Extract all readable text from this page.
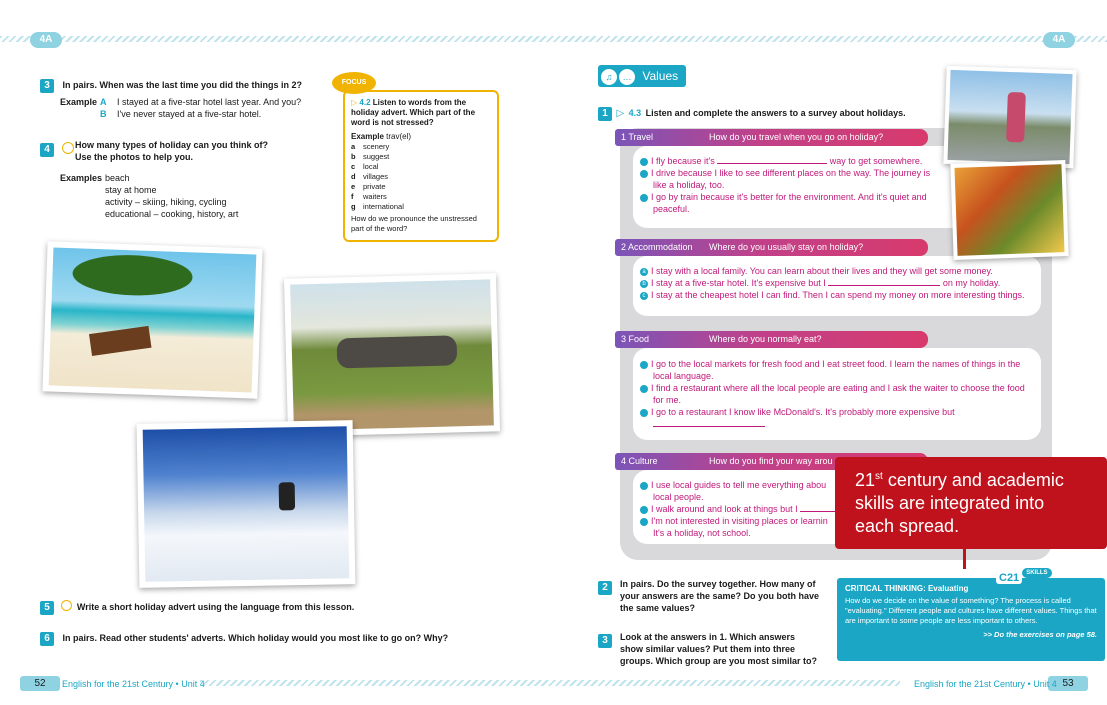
4A	4A
52	English for the 21st Century • Unit 4	53
English for the 21st Century • Unit 4
3 In pairs. When was the last time you did the things in 2?
Example A I stayed at a five-star hotel last year. And you?
B I've never stayed at a five-star hotel.
4	How many types of holiday can you think of?
Use the photos to help you.
Examples beach
stay at home
activity – skiing, hiking, cycling
educational – cooking, history, art
▷ 4.2 Listen to words from the holiday advert. Which part of the word is not stressed?
Example trav(el)
a scenery
b suggest
c local
d villages
e private
f waiters
g international
How do we pronounce the unstressed part of the word?
FOCUS
5	Write a short holiday advert using the language from this lesson.
6 In pairs. Read other students' adverts. Which holiday would you most like to go on? Why?
♫ … Values
1 ▷ 4.3 Listen and complete the answers to a survey about holidays.
1 Travel	How do you travel when you go on holiday?
a I fly because it's	way to get somewhere.
b I drive because I like to see different places on the way. The journey is like a holiday, too.
c I go by train because it's better for the environment. And it's quiet and peaceful.
2 Accommodation Where do you usually stay on holiday?
a I stay with a local family. You can learn about their lives and they will get some money.
b I stay at a five-star hotel. It's expensive but I	on my holiday.
c I stay at the cheapest hotel I can find. Then I can spend my money on more interesting things.
3 Food	Where do you normally eat?
a I go to the local markets for fresh food and I eat street food. I learn the names of things in the local language.
b I find a restaurant where all the local people are eating and I ask the waiter to choose the food for me.
c I go to a restaurant I know like McDonald's. It's probably more expensive but
4 Culture	How do you find your way arou
a I use local guides to tell me everything abou
local people.
b I walk around and look at things but I
c I'm not interested in visiting places or learnin
It's a holiday, not school.
2	In pairs. Do the survey together. How many of your answers are the same? Do you both have the same values?
3	Look at the answers in 1. Which answers show similar values? Put them into three groups. Which group are you most similar to?
CRITICAL THINKING: Evaluating
How do we decide on the value of something? The process is called "evaluating." Different people and cultures have different values. Things that are important to some people are less important to others.
>> Do the exercises on page 58.
C21 SKILLS
21st century and academic skills are integrated into each spread.
